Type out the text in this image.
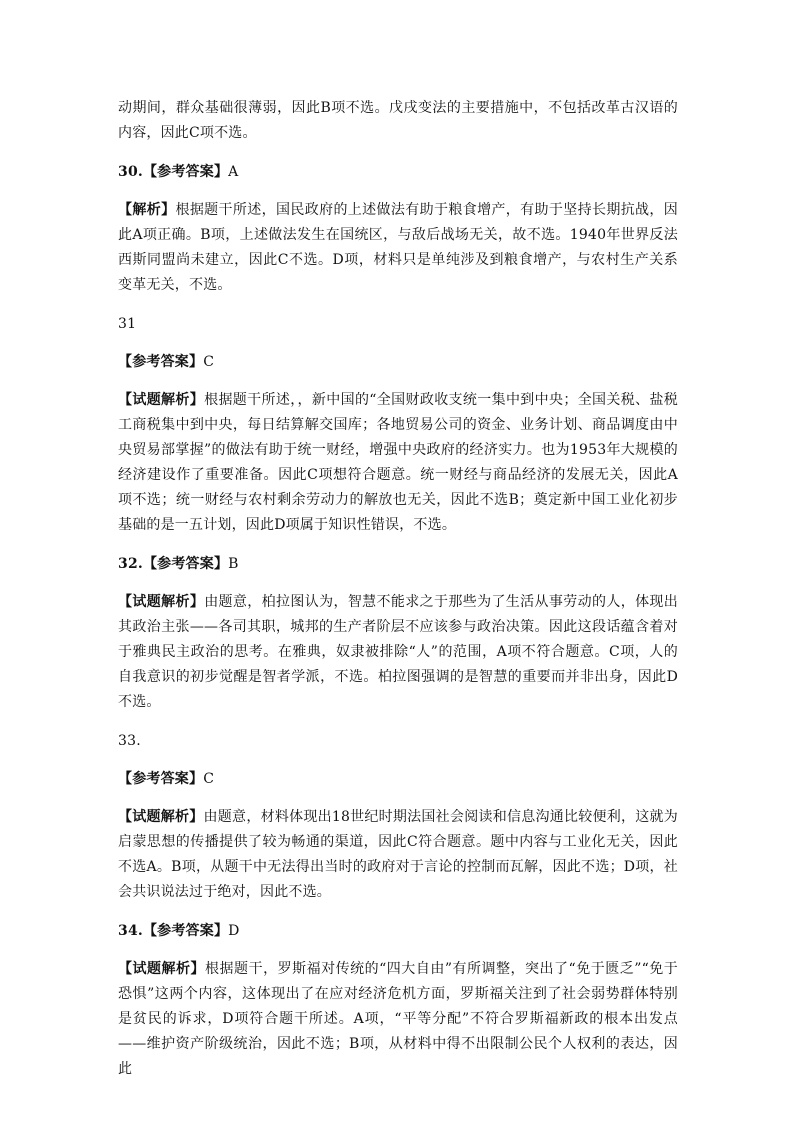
动期间，群众基础很薄弱，因此B项不选。戊戌变法的主要措施中，不包括改革古汉语的内容，因此C项不选。

30.【参考答案】A

【解析】根据题干所述，国民政府的上述做法有助于粮食增产，有助于坚持长期抗战，因此A项正确。B项，上述做法发生在国统区，与敌后战场无关，故不选。1940年世界反法西斯同盟尚未建立，因此C不选。D项，材料只是单纯涉及到粮食增产，与农村生产关系变革无关，不选。

31

【参考答案】C

【试题解析】根据题干所述，，新中国的“全国财政收支统一集中到中央；全国关税、盐税工商税集中到中央，每日结算解交国库；各地贸易公司的资金、业务计划、商品调度由中央贸易部掌握”的做法有助于统一财经，增强中央政府的经济实力。也为1953年大规模的经济建设作了重要准备。因此C项想符合题意。统一财经与商品经济的发展无关，因此A项不选；统一财经与农村剩余劳动力的解放也无关，因此不选B；奠定新中国工业化初步基础的是一五计划，因此D项属于知识性错误，不选。

32.【参考答案】B

【试题解析】由题意，柏拉图认为，智慧不能求之于那些为了生活从事劳动的人，体现出其政治主张——各司其职，城邦的生产者阶层不应该参与政治决策。因此这段话蕴含着对于雅典民主政治的思考。在雅典，奴隶被排除“人”的范围，A项不符合题意。C项，人的自我意识的初步觉醒是智者学派，不选。柏拉图强调的是智慧的重要而并非出身，因此D不选。

33.

【参考答案】C

【试题解析】由题意，材料体现出18世纪时期法国社会阅读和信息沟通比较便利，这就为启蒙思想的传播提供了较为畅通的渠道，因此C符合题意。题中内容与工业化无关，因此不选A。B项，从题干中无法得出当时的政府对于言论的控制而瓦解，因此不选；D项，社会共识说法过于绝对，因此不选。

34.【参考答案】D

【试题解析】根据题干，罗斯福对传统的“四大自由”有所调整，突出了“免于匮乏”“免于恐惧”这两个内容，这体现出了在应对经济危机方面，罗斯福关注到了社会弱势群体特别是贫民的诉求，D项符合题干所述。A项，“平等分配”不符合罗斯福新政的根本出发点——维护资产阶级统治，因此不选；B项，从材料中得不出限制公民个人权利的表达，因此
